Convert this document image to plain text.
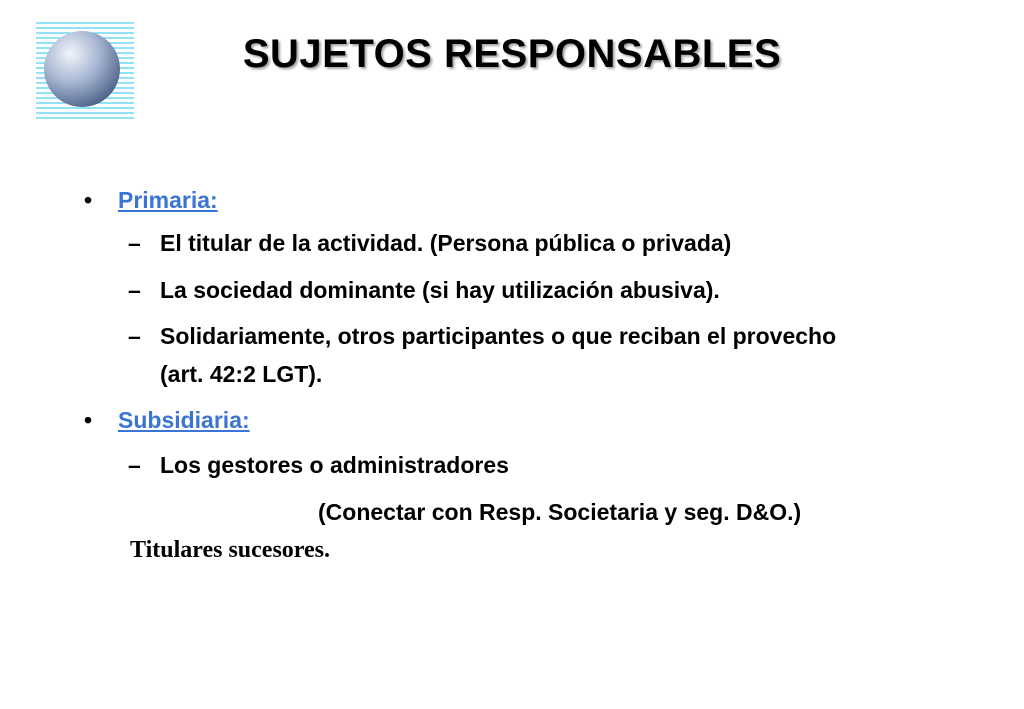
SUJETOS RESPONSABLES
• Primaria:
– El titular de la actividad. (Persona pública o privada)
– La sociedad dominante (si hay utilización abusiva).
– Solidariamente, otros participantes o que reciban el provecho
(art. 42:2 LGT).
• Subsidiaria:
– Los gestores o administradores
(Conectar con Resp. Societaria y seg. D&O.)
Titulares sucesores.
